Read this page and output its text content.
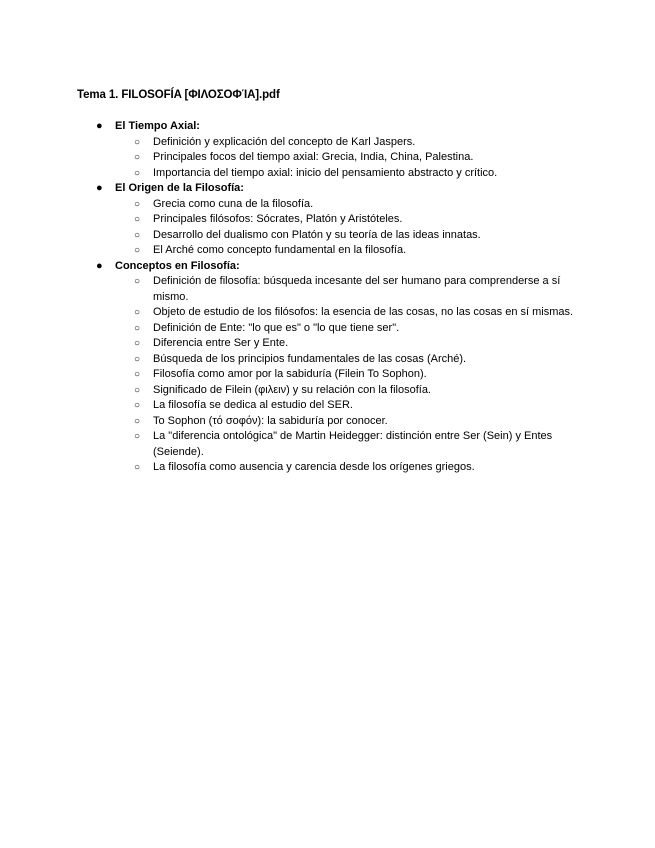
Tema 1. FILOSOFÍA [ΦΙΛΟΣΟΦΊΑ].pdf
● El Tiempo Axial:
○ Definición y explicación del concepto de Karl Jaspers.
○ Principales focos del tiempo axial: Grecia, India, China, Palestina.
○ Importancia del tiempo axial: inicio del pensamiento abstracto y crítico.
● El Origen de la Filosofía:
○ Grecia como cuna de la filosofía.
○ Principales filósofos: Sócrates, Platón y Aristóteles.
○ Desarrollo del dualismo con Platón y su teoría de las ideas innatas.
○ El Arché como concepto fundamental en la filosofía.
● Conceptos en Filosofía:
○ Definición de filosofía: búsqueda incesante del ser humano para comprenderse a sí mismo.
○ Objeto de estudio de los filósofos: la esencia de las cosas, no las cosas en sí mismas.
○ Definición de Ente: "lo que es" o "lo que tiene ser".
○ Diferencia entre Ser y Ente.
○ Búsqueda de los principios fundamentales de las cosas (Arché).
○ Filosofía como amor por la sabiduría (Filein To Sophon).
○ Significado de Filein (φιλειν) y su relación con la filosofía.
○ La filosofía se dedica al estudio del SER.
○ To Sophon (τό σοφόν): la sabiduría por conocer.
○ La "diferencia ontológica" de Martin Heidegger: distinción entre Ser (Sein) y Entes (Seiende).
○ La filosofía como ausencia y carencia desde los orígenes griegos.
